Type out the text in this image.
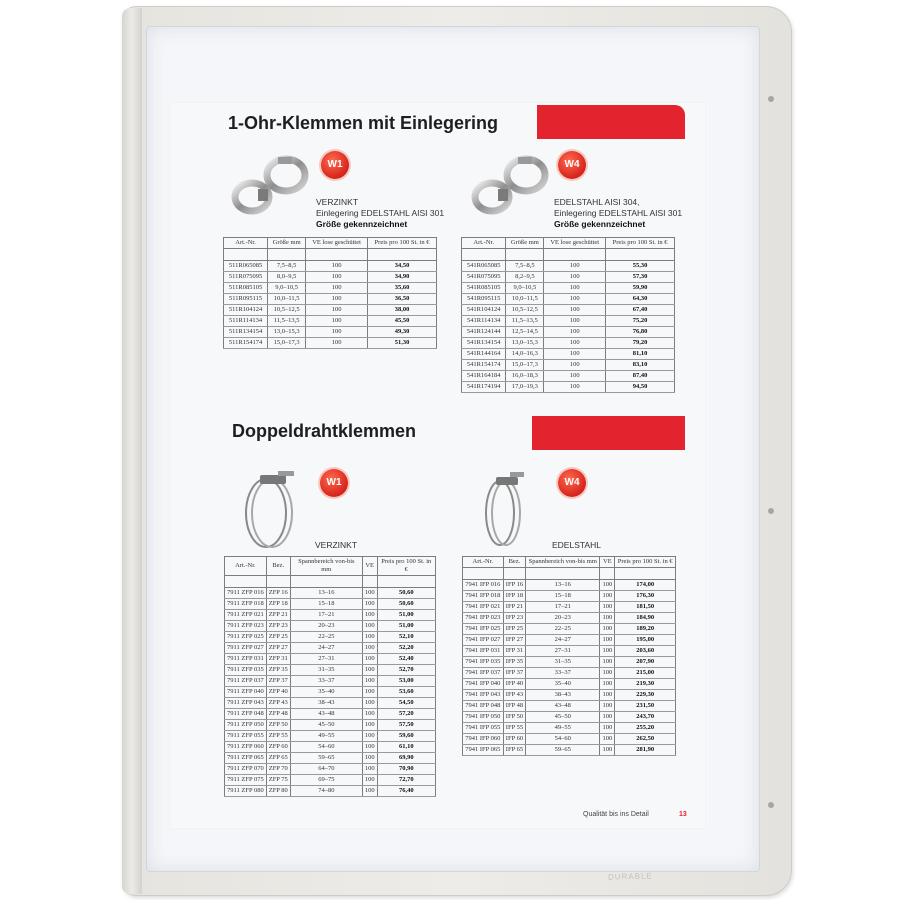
DURABLE
1-Ohr-Klemmen mit Einlegering
W1
VERZINKT
Einlegering EDELSTAHL AISI 301
Größe gekennzeichnet
W4
EDELSTAHL AISI 304,
Einlegering EDELSTAHL AISI 301
Größe gekennzeichnet
Art.-Nr.	Größe mm	VE lose geschüttet	Preis pro 100 St. in €

511R065085	7,5–8,5	100	34,50
511R075095	8,0–9,5	100	34,90
511R085105	9,0–10,5	100	35,60
511R095115	10,0–11,5	100	36,50
511R104124	10,5–12,5	100	38,00
511R114134	11,5–13,5	100	45,50
511R134154	13,0–15,3	100	49,30
511R154174	15,0–17,3	100	51,30
Art.-Nr.	Größe mm	VE lose geschüttet	Preis pro 100 St. in €

541R065085	7,5–8,5	100	55,30
541R075095	8,2–9,5	100	57,30
541R085105	9,0–10,5	100	59,90
541R095115	10,0–11,5	100	64,30
541R104124	10,5–12,5	100	67,40
541R114134	11,5–13,5	100	75,20
541R124144	12,5–14,5	100	76,80
541R134154	13,0–15,3	100	79,20
541R144164	14,0–16,3	100	81,10
541R154174	15,0–17,3	100	83,10
541R164184	16,0–18,3	100	87,40
541R174194	17,0–19,3	100	94,50
Doppeldrahtklemmen
W1
VERZINKT
W4
EDELSTAHL
Art.-Nr.	Bez.	Spannbereich von-bis mm	VE	Preis pro 100 St. in €

7911 ZFP 016	ZFP 16	13–16	100	50,60
7911 ZFP 018	ZFP 18	15–18	100	50,60
7911 ZFP 021	ZFP 21	17–21	100	51,00
7911 ZFP 023	ZFP 23	20–23	100	51,00
7911 ZFP 025	ZFP 25	22–25	100	52,10
7911 ZFP 027	ZFP 27	24–27	100	52,20
7911 ZFP 031	ZFP 31	27–31	100	52,40
7911 ZFP 035	ZFP 35	31–35	100	52,70
7911 ZFP 037	ZFP 37	33–37	100	53,00
7911 ZFP 040	ZFP 40	35–40	100	53,60
7911 ZFP 043	ZFP 43	38–43	100	54,50
7911 ZFP 048	ZFP 48	43–48	100	57,20
7911 ZFP 050	ZFP 50	45–50	100	57,50
7911 ZFP 055	ZFP 55	49–55	100	59,60
7911 ZFP 060	ZFP 60	54–60	100	61,10
7911 ZFP 065	ZFP 65	59–65	100	69,90
7911 ZFP 070	ZFP 70	64–70	100	70,90
7911 ZFP 075	ZFP 75	69–75	100	72,70
7911 ZFP 080	ZFP 80	74–80	100	76,40
Art.-Nr.	Bez.	Spannbereich von-bis mm	VE	Preis pro 100 St. in €

7941 IFP 016	IFP 16	13–16	100	174,00
7941 IFP 018	IFP 18	15–18	100	176,30
7941 IFP 021	IFP 21	17–21	100	181,50
7941 IFP 023	IFP 23	20–23	100	184,90
7941 IFP 025	IFP 25	22–25	100	189,20
7941 IFP 027	IFP 27	24–27	100	195,00
7941 IFP 031	IFP 31	27–31	100	203,60
7941 IFP 035	IFP 35	31–35	100	207,90
7941 IFP 037	IFP 37	33–37	100	215,00
7941 IFP 040	IFP 40	35–40	100	219,30
7941 IFP 043	IFP 43	38–43	100	229,30
7941 IFP 048	IFP 48	43–48	100	231,50
7941 IFP 050	IFP 50	45–50	100	243,70
7941 IFP 055	IFP 55	49–55	100	255,20
7941 IFP 060	IFP 60	54–60	100	262,50
7941 IFP 065	IFP 65	59–65	100	281,90
Qualität bis ins Detail	13
